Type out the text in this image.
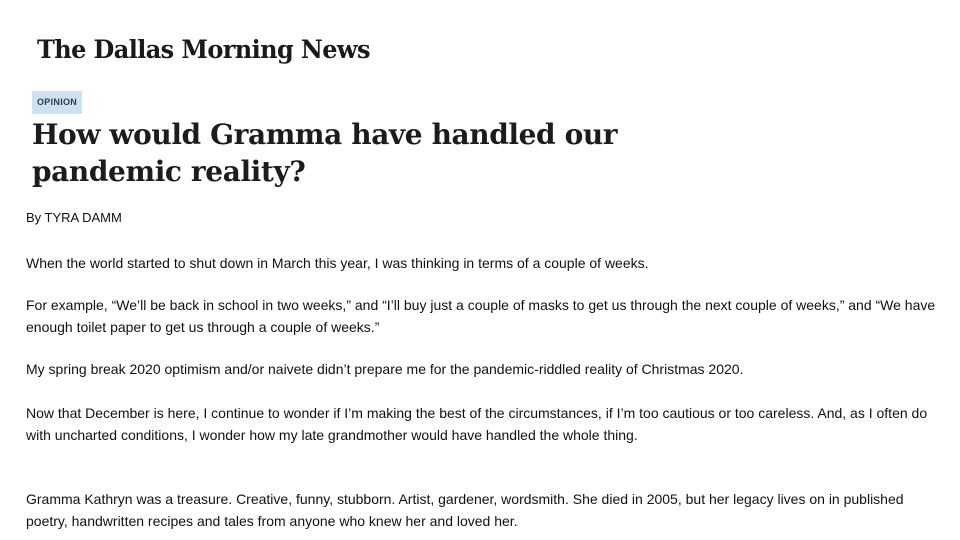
The Dallas Morning News
OPINION
How would Gramma have handled our pandemic reality?
By TYRA DAMM

When the world started to shut down in March this year, I was thinking in terms of a couple of weeks.

For example, “We’ll be back in school in two weeks,” and “I’ll buy just a couple of masks to get us through the next couple of weeks,” and “We have enough toilet paper to get us through a couple of weeks.”

My spring break 2020 optimism and/or naivete didn’t prepare me for the pandemic-riddled reality of Christmas 2020.

Now that December is here, I continue to wonder if I’m making the best of the circumstances, if I’m too cautious or too careless. And, as I often do with uncharted conditions, I wonder how my late grandmother would have handled the whole thing.

Gramma Kathryn was a treasure. Creative, funny, stubborn. Artist, gardener, wordsmith. She died in 2005, but her legacy lives on in published poetry, handwritten recipes and tales from anyone who knew her and loved her.
